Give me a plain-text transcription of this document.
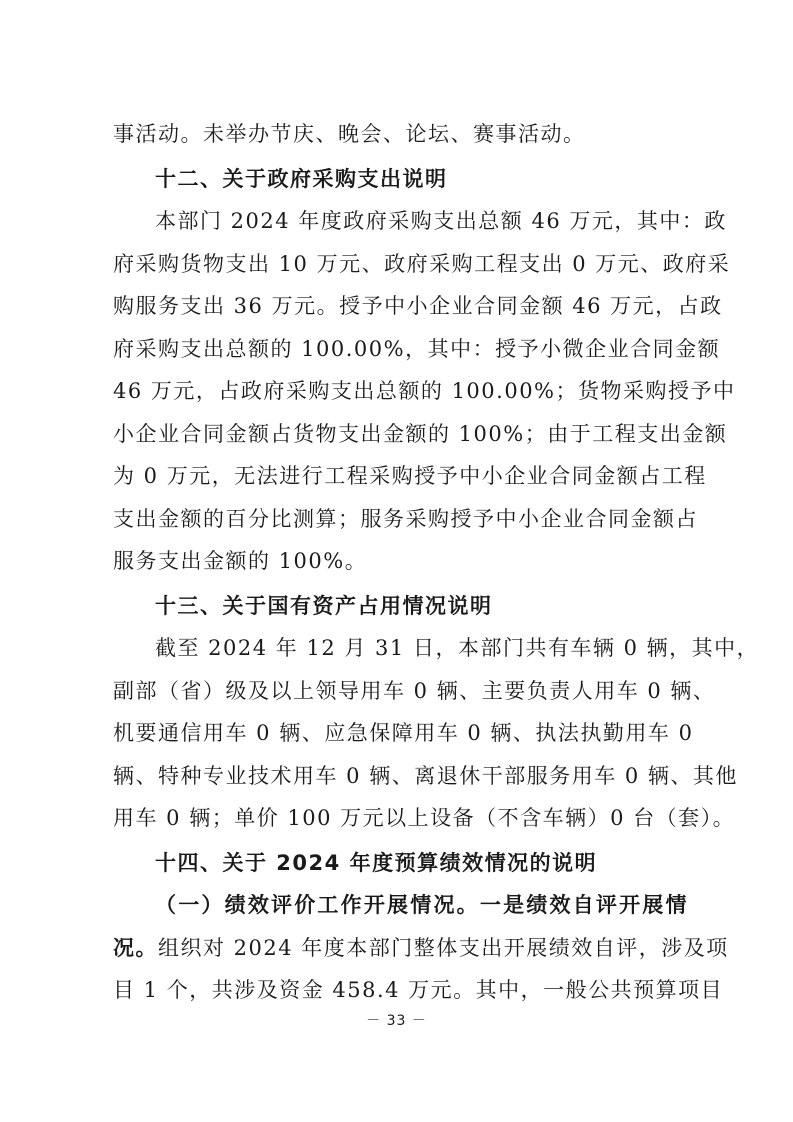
事活动。未举办节庆、晚会、论坛、赛事活动。
十二、关于政府采购支出说明
本部门 2024 年度政府采购支出总额 46 万元，其中：政
府采购货物支出 10 万元、政府采购工程支出 0 万元、政府采
购服务支出 36 万元。授予中小企业合同金额 46 万元，占政
府采购支出总额的 100.00%，其中：授予小微企业合同金额
46 万元，占政府采购支出总额的 100.00%；货物采购授予中
小企业合同金额占货物支出金额的 100%；由于工程支出金额
为 0 万元，无法进行工程采购授予中小企业合同金额占工程
支出金额的百分比测算；服务采购授予中小企业合同金额占
服务支出金额的 100%。
十三、关于国有资产占用情况说明
截至 2024 年 12 月 31 日，本部门共有车辆 0 辆，其中，
副部（省）级及以上领导用车 0 辆、主要负责人用车 0 辆、
机要通信用车 0 辆、应急保障用车 0 辆、执法执勤用车 0
辆、特种专业技术用车 0 辆、离退休干部服务用车 0 辆、其他
用车 0 辆；单价 100 万元以上设备（不含车辆）0 台（套）。
十四、关于 2024 年度预算绩效情况的说明
（一）绩效评价工作开展情况。一是绩效自评开展情
况。组织对 2024 年度本部门整体支出开展绩效自评，涉及项
目 1 个，共涉及资金 458.4 万元。其中，一般公共预算项目
－ 33 －
